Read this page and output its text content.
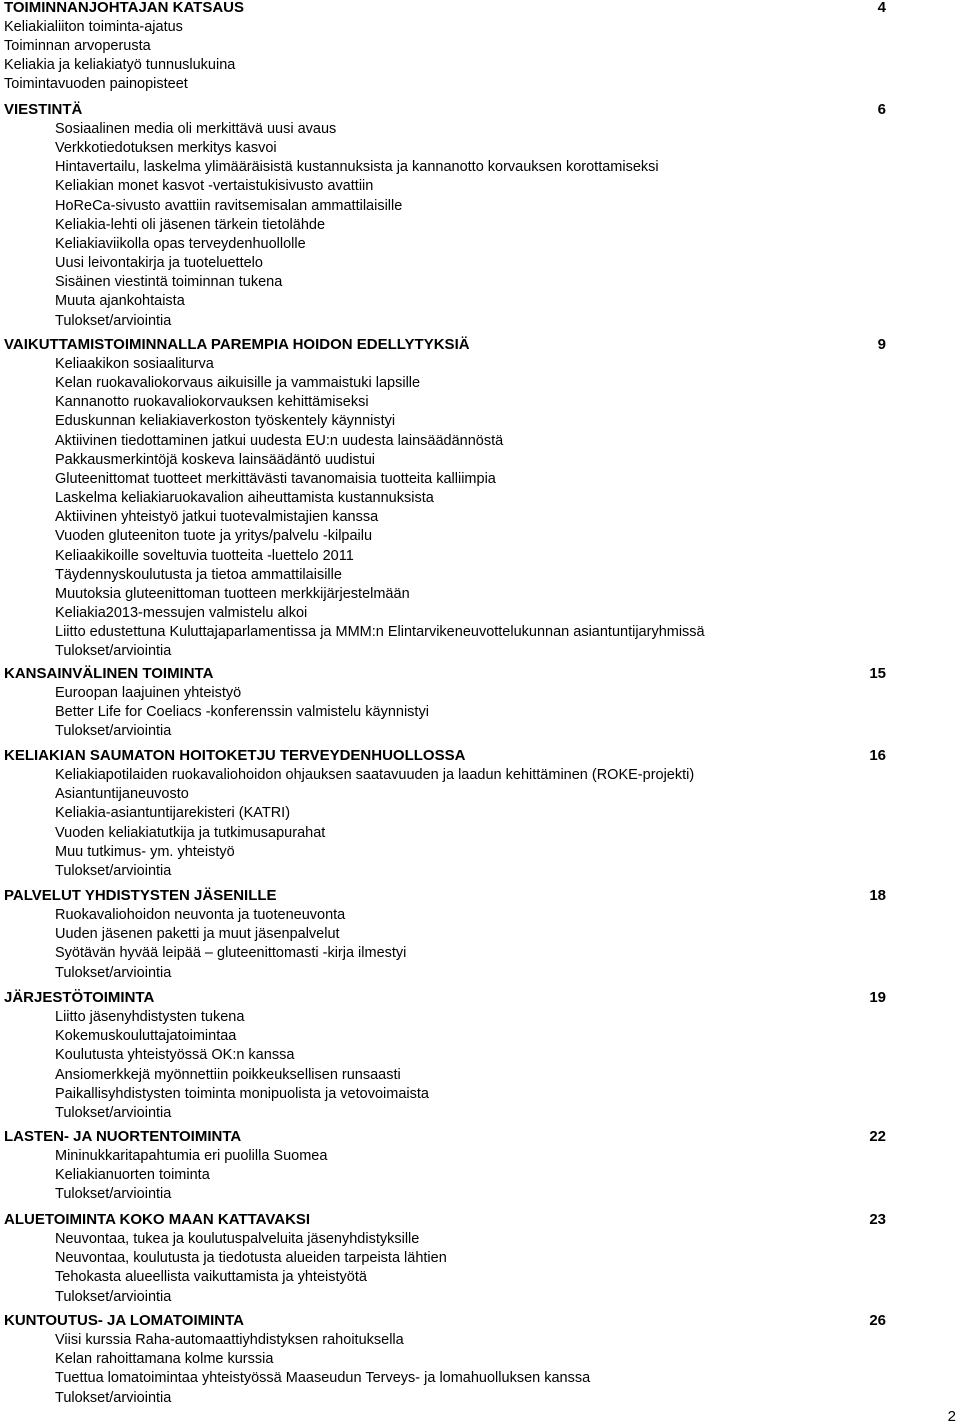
TOIMINNANJOHTAJAN KATSAUS	4
Keliakialiiton toiminta-ajatus
Toiminnan arvoperusta
Keliakia ja keliakiatyö tunnuslukuina
Toimintavuoden painopisteet
VIESTINTÄ	6
Sosiaalinen media oli merkittävä uusi avaus
Verkkotiedotuksen merkitys kasvoi
Hintavertailu, laskelma ylimääräisistä kustannuksista ja kannanotto korvauksen korottamiseksi
Keliakian monet kasvot -vertaistukisivusto avattiin
HoReCa-sivusto avattiin ravitsemisalan ammattilaisille
Keliakia-lehti oli jäsenen tärkein tietolähde
Keliakiaviikolla opas terveydenhuollolle
Uusi leivontakirja ja tuoteluettelo
Sisäinen viestintä toiminnan tukena
Muuta ajankohtaista
Tulokset/arviointia
VAIKUTTAMISTOIMINNALLA PAREMPIA HOIDON EDELLYTYKSIÄ	9
Keliaakikon sosiaaliturva
Kelan ruokavaliokorvaus aikuisille ja vammaistuki lapsille
Kannanotto ruokavaliokorvauksen kehittämiseksi
Eduskunnan keliakiaverkoston työskentely käynnistyi
Aktiivinen tiedottaminen jatkui uudesta EU:n uudesta lainsäädännöstä
Pakkausmerkintöjä koskeva lainsäädäntö uudistui
Gluteenittomat tuotteet merkittävästi tavanomaisia tuotteita kalliimpia
Laskelma keliakiaruokavalion aiheuttamista kustannuksista
Aktiivinen yhteistyö jatkui tuotevalmistajien kanssa
Vuoden gluteeniton tuote ja yritys/palvelu -kilpailu
Keliaakikoille soveltuvia tuotteita -luettelo 2011
Täydennyskoulutusta ja tietoa ammattilaisille
Muutoksia gluteenittoman tuotteen merkkijärjestelmään
Keliakia2013-messujen valmistelu alkoi
Liitto edustettuna Kuluttajaparlamentissa ja MMM:n Elintarvikeneuvottelukunnan asiantuntijaryhmissä
Tulokset/arviointia
KANSAINVÄLINEN TOIMINTA	15
Euroopan laajuinen yhteistyö
Better Life for Coeliacs -konferenssin valmistelu käynnistyi
Tulokset/arviointia
KELIAKIAN SAUMATON HOITOKETJU TERVEYDENHUOLLOSSA	16
Keliakiapotilaiden ruokavaliohoidon ohjauksen saatavuuden ja laadun kehittäminen (ROKE-projekti)
Asiantuntijaneuvosto
Keliakia-asiantuntijarekisteri (KATRI)
Vuoden keliakiatutkija ja tutkimusapurahat
Muu tutkimus- ym. yhteistyö
Tulokset/arviointia
PALVELUT YHDISTYSTEN JÄSENILLE	18
Ruokavaliohoidon neuvonta ja tuoteneuvonta
Uuden jäsenen paketti ja muut jäsenpalvelut
Syötävän hyvää leipää – gluteenittomasti -kirja ilmestyi
Tulokset/arviointia
JÄRJESTÖTOIMINTA	19
Liitto jäsenyhdistysten tukena
Kokemuskouluttajatoimintaa
Koulutusta yhteistyössä OK:n kanssa
Ansiomerkkejä myönnettiin poikkeuksellisen runsaasti
Paikallisyhdistysten toiminta monipuolista ja vetovoimaista
Tulokset/arviointia
LASTEN- JA NUORTENTOIMINTA	22
Mininukkaritapahtumia eri puolilla Suomea
Keliakianuorten toiminta
Tulokset/arviointia
ALUETOIMINTA KOKO MAAN KATTAVAKSI	23
Neuvontaa, tukea ja koulutuspalveluita jäsenyhdistyksille
Neuvontaa, koulutusta ja tiedotusta alueiden tarpeista lähtien
Tehokasta alueellista vaikuttamista ja yhteistyötä
Tulokset/arviointia
KUNTOUTUS- JA LOMATOIMINTA	26
Viisi kurssia Raha-automaattiyhdistyksen rahoituksella
Kelan rahoittamana kolme kurssia
Tuettua lomatoimintaa yhteistyössä Maaseudun Terveys- ja lomahuolluksen kanssa
Tulokset/arviointia
2
